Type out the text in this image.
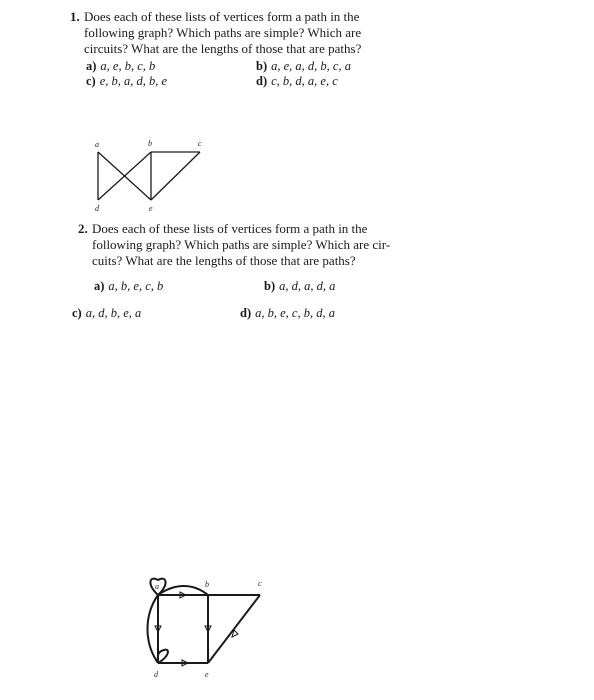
1. Does each of these lists of vertices form a path in the
following graph? Which paths are simple? Which are
circuits? What are the lengths of those that are paths?
a) a, e, b, c, b	b) a, e, a, d, b, c, a
c) e, b, a, d, b, e	d) c, b, d, a, e, c
a	b	c
d	e
2. Does each of these lists of vertices form a path in the
following graph? Which paths are simple? Which are cir-
cuits? What are the lengths of those that are paths?
a) a, b, e, c, b	b) a, d, a, d, a
c) a, d, b, e, a	d) a, b, e, c, b, d, a
a	b	c
d	e
